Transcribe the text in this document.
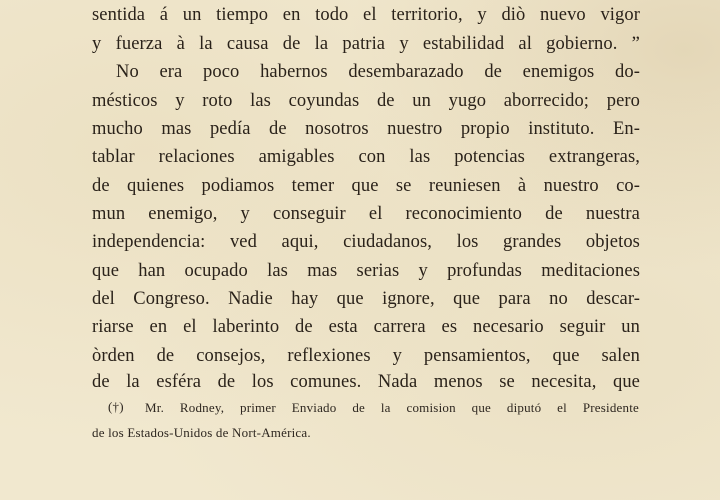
sentida á un tiempo en todo el territorio, y diò nuevo vigor
y fuerza à la causa de la patria y estabilidad al gobierno. ”
No era poco habernos desembarazado de enemigos do-
mésticos y roto las coyundas de un yugo aborrecido; pero
mucho mas pedía de nosotros nuestro propio instituto. En-
tablar relaciones amigables con las potencias extrangeras,
de quienes podiamos temer que se reuniesen à nuestro co-
mun enemigo, y conseguir el reconocimiento de nuestra
independencia: ved aqui, ciudadanos, los grandes objetos
que han ocupado las mas serias y profundas meditaciones
del Congreso. Nadie hay que ignore, que para no descar-
riarse en el laberinto de esta carrera es necesario seguir un
òrden de consejos, reflexiones y pensamientos, que salen
de la esféra de los comunes. Nada menos se necesita, que
(†) Mr. Rodney, primer Enviado de la comision que diputó el Presidente
de los Estados-Unidos de Nort-América.
